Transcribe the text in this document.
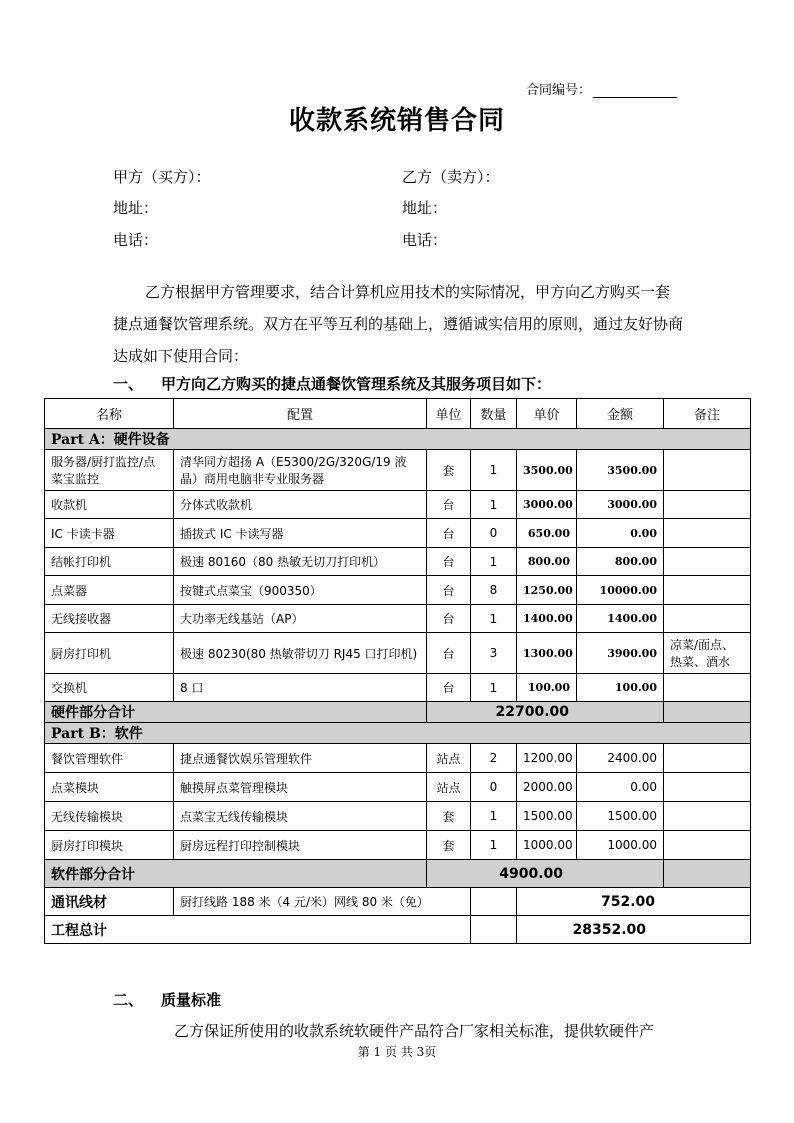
合同编号：
收款系统销售合同
甲方（买方）：	乙方（卖方）：
地址：	地址：
电话：	电话：
乙方根据甲方管理要求，结合计算机应用技术的实际情况，甲方向乙方购买一套捷点通餐饮管理系统。双方在平等互利的基础上，遵循诚实信用的原则，通过友好协商达成如下使用合同：
一、 甲方向乙方购买的捷点通餐饮管理系统及其服务项目如下：
名称	配置	单位	数量	单价	金额	备注
Part A：硬件设备						
服务器/厨打监控/点菜宝监控	清华同方超扬 A（E5300/2G/320G/19 液晶）商用电脑非专业服务器	套	1	3500.00	3500.00	
收款机	分体式收款机	台	1	3000.00	3000.00	
IC 卡读卡器	插拔式 IC 卡读写器	台	0	650.00	0.00	
结帐打印机	极速 80160（80 热敏无切刀打印机）	台	1	800.00	800.00	
点菜器	按键式点菜宝（900350）	台	8	1250.00	10000.00	
无线接收器	大功率无线基站（AP）	台	1	1400.00	1400.00	
厨房打印机	极速 80230(80 热敏带切刀 RJ45 口打印机)	台	3	1300.00	3900.00	凉菜/面点、热菜、酒水
交换机	8 口	台	1	100.00	100.00	
硬件部分合计		22700.00				
Part B：软件						
餐饮管理软件	捷点通餐饮娱乐管理软件	站点	2	1200.00	2400.00	
点菜模块	触摸屏点菜管理模块	站点	0	2000.00	0.00	
无线传输模块	点菜宝无线传输模块	套	1	1500.00	1500.00	
厨房打印模块	厨房远程打印控制模块	套	1	1000.00	1000.00	
软件部分合计		4900.00				
通讯线材	厨打线路 188 米（4 元/米）网线 80 米（免）			752.00		
工程总计				28352.00		
二、 质量标准
乙方保证所使用的收款系统软硬件产品符合厂家相关标准，提供软硬件产
第 1 页 共 3页
